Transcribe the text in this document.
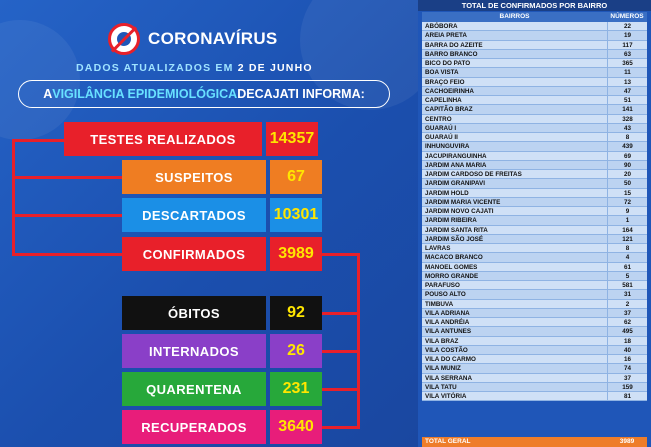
CORONAVÍRUS
DADOS ATUALIZADOS EM 2 DE JUNHO
A VIGILÂNCIA EPIDEMIOLÓGICA DE CAJATI INFORMA:
TESTES REALIZADOS 14357
SUSPEITOS	67
DESCARTADOS 10301
CONFIRMADOS 3989
ÓBITOS	92
INTERNADOS	26
QUARENTENA	231
RECUPERADOS 3640
TOTAL DE CONFIRMADOS POR BAIRRO
BAIRROS	NÚMEROS
ABÓBORA	22
AREIA PRETA	19
BARRA DO AZEITE	117
BARRO BRANCO	63
BICO DO PATO	365
BOA VISTA	11
BRAÇO FEIO	13
CACHOEIRINHA	47
CAPELINHA	51
CAPITÃO BRAZ	141
CENTRO	328
GUARAÚ I	43
GUARAÚ II	8
INHUNGUVIRA	439
JACUPIRANGUINHA	69
JARDIM ANA MARIA	90
JARDIM CARDOSO DE FREITAS	20
JARDIM GRANIPAVI	50
JARDIM HOLD	15
JARDIM MARIA VICENTE	72
JARDIM NOVO CAJATI	9
JARDIM RIBEIRA	1
JARDIM SANTA RITA	164
JARDIM SÃO JOSÉ	121
LAVRAS	8
MACACO BRANCO	4
MANOEL GOMES	61
MORRO GRANDE	5
PARAFUSO	581
POUSO ALTO	31
TIMBUVA	2
VILA ADRIANA	37
VILA ANDRÉIA	62
VILA ANTUNES	495
VILA BRAZ	18
VILA COSTÃO	40
VILA DO CARMO	16
VILA MUNIZ	74
VILA SERRANA	37
VILA TATU	159
VILA VITÓRIA	81
TOTAL GERAL	3989
